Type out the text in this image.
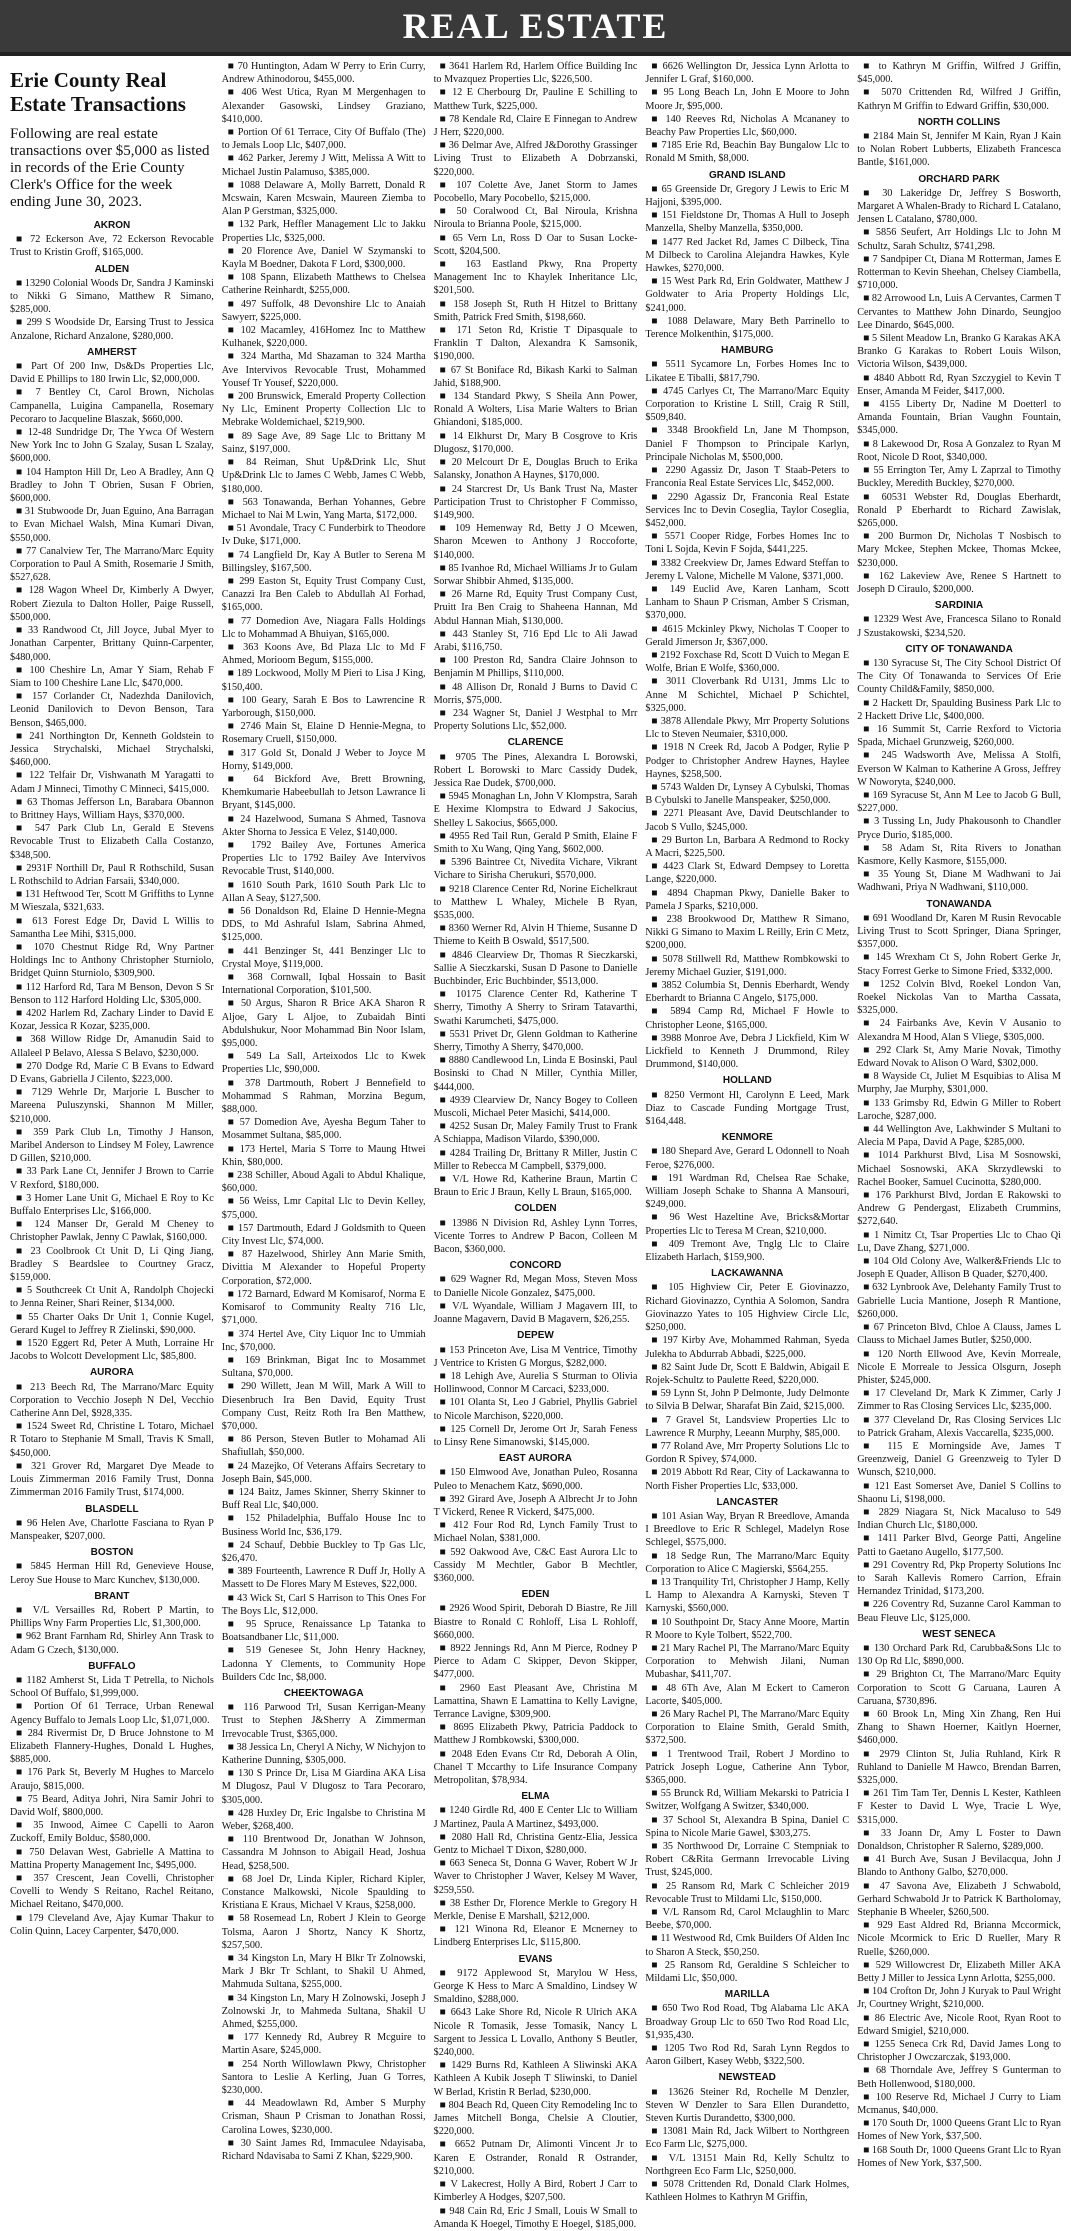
REAL ESTATE
Erie County Real Estate Transactions
Following are real estate transactions over $5,000 as listed in records of the Erie County Clerk's Office for the week ending June 30, 2023.

AKRON

■ 72 Eckerson Ave, 72 Eckerson Revocable Trust to Kristin Groff, $165,000.

ALDEN

■ 13290 Colonial Woods Dr, Sandra J Kaminski to Nikki G Simano, Matthew R Simano, $285,000.

■ 299 S Woodside Dr, Earsing Trust to Jessica Anzalone, Richard Anzalone, $280,000.

AMHERST

■ Part Of 200 Inw, Ds&Ds Properties Llc, David E Phillips to 180 Irwin Llc, $2,000,000.

■ 7 Bentley Ct, Carol Brown, Nicholas Campanella, Luigina Campanella, Rosemary Pecoraro to Jacqueline Blaszak, $660,000.

■ 12-48 Sundridge Dr, The Ywca Of Western New York Inc to John G Szalay, Susan L Szalay, $600,000.

■ 104 Hampton Hill Dr, Leo A Bradley, Ann Q Bradley to John T Obrien, Susan F Obrien, $600,000.

■ 31 Stubwoode Dr, Juan Eguino, Ana Barragan to Evan Michael Walsh, Mina Kumari Divan, $550,000.

■ 77 Canalview Ter, The Marrano/Marc Equity Corporation to Paul A Smith, Rosemarie J Smith, $527,628.

■ 128 Wagon Wheel Dr, Kimberly A Dwyer, Robert Ziezula to Dalton Holler, Paige Russell, $500,000.

■ 33 Randwood Ct, Jill Joyce, Jubal Myer to Jonathan Carpenter, Brittany Quinn-Carpenter, $480,000.

■ 100 Cheshire Ln, Amar Y Siam, Rehab F Siam to 100 Cheshire Lane Llc, $470,000.

■ 157 Corlander Ct, Nadezhda Danilovich, Leonid Danilovich to Devon Benson, Tara Benson, $465,000.

■ 241 Northington Dr, Kenneth Goldstein to Jessica Strychalski, Michael Strychalski, $460,000.

■ 122 Telfair Dr, Vishwanath M Yaragatti to Adam J Minneci, Timothy C Minneci, $415,000.

■ 63 Thomas Jefferson Ln, Barabara Obannon to Brittney Hays, William Hays, $370,000.

■ 547 Park Club Ln, Gerald E Stevens Revocable Trust to Elizabeth Calla Costanzo, $348,500.

■ 2931F Northill Dr, Paul R Rothschild, Susan L Rothschild to Adrian Farsaii, $340,000.

■ 131 Heftwood Ter, Scott M Griffiths to Lynne M Wieszala, $321,633.

■ 613 Forest Edge Dr, David L Willis to Samantha Lee Mihi, $315,000.

■ 1070 Chestnut Ridge Rd, Wny Partner Holdings Inc to Anthony Christopher Sturniolo, Bridget Quinn Sturniolo, $309,900.

■ 112 Harford Rd, Tara M Benson, Devon S Sr Benson to 112 Harford Holding Llc, $305,000.

■ 4202 Harlem Rd, Zachary Linder to David E Kozar, Jessica R Kozar, $235,000.

■ 368 Willow Ridge Dr, Amanudin Said to Allaleel P Belavo, Alessa S Belavo, $230,000.

■ 270 Dodge Rd, Marie C B Evans to Edward D Evans, Gabriella J Cilento, $223,000.

■ 7129 Wehrle Dr, Marjorie L Buscher to Mareena Puluszynski, Shannon M Miller, $210,000.

■ 359 Park Club Ln, Timothy J Hanson, Maribel Anderson to Lindsey M Foley, Lawrence D Gillen, $210,000.

■ 33 Park Lane Ct, Jennifer J Brown to Carrie V Rexford, $180,000.

■ 3 Homer Lane Unit G, Michael E Roy to Kc Buffalo Enterprises Llc, $166,000.

■ 124 Manser Dr, Gerald M Cheney to Christopher Pawlak, Jenny C Pawlak, $160,000.

■ 23 Coolbrook Ct Unit D, Li Qing Jiang, Bradley S Beardslee to Courtney Gracz, $159,000.

■ 5 Southcreek Ct Unit A, Randolph Chojecki to Jenna Reiner, Shari Reiner, $134,000.

■ 55 Charter Oaks Dr Unit 1, Connie Kugel, Gerard Kugel to Jeffrey R Zielinski, $90,000.

■ 1520 Eggert Rd, Peter A Muth, Lorraine Hr Jacobs to Wolcott Development Llc, $85,800.

AURORA

■ 213 Beech Rd, The Marrano/Marc Equity Corporation to Vecchio Joseph N Del, Vecchio Catherine Ann Del, $928,335.

■ 1524 Sweet Rd, Christine L Totaro, Michael R Totaro to Stephanie M Small, Travis K Small, $450,000.

■ 321 Grover Rd, Margaret Dye Meade to Louis Zimmerman 2016 Family Trust, Donna Zimmerman 2016 Family Trust, $174,000.

BLASDELL

■ 96 Helen Ave, Charlotte Fasciana to Ryan P Manspeaker, $207,000.

BOSTON

■ 5845 Herman Hill Rd, Genevieve House, Leroy Sue House to Marc Kunchev, $130,000.

BRANT

■ V/L Versailles Rd, Robert P Martin, to Phillips Wny Farm Properties Llc, $1,300,000.

■ 962 Brant Farnham Rd, Shirley Ann Trask to Adam G Czech, $130,000.

BUFFALO

■ 1182 Amherst St, Lida T Petrella, to Nichols School Of Buffalo, $1,999,000.

■ Portion Of 61 Terrace, Urban Renewal Agency Buffalo to Jemals Loop Llc, $1,071,000.

■ 284 Rivermist Dr, D Bruce Johnstone to M Elizabeth Flannery-Hughes, Donald L Hughes, $885,000.

■ 176 Park St, Beverly M Hughes to Marcelo Araujo, $815,000.

■ 75 Beard, Aditya Johri, Nira Samir Johri to David Wolf, $800,000.

■ 35 Inwood, Aimee C Capelli to Aaron Zuckoff, Emily Bolduc, $580,000.

■ 750 Delavan West, Gabrielle A Mattina to Mattina Property Management Inc, $495,000.

■ 357 Crescent, Jean Covelli, Christopher Covelli to Wendy S Reitano, Rachel Reitano, Michael Reitano, $470,000.

■ 179 Cleveland Ave, Ajay Kumar Thakur to Colin Quinn, Lacey Carpenter, $470,000.

■ 70 Huntington, Adam W Perry to Erin Curry, Andrew Athinodorou, $455,000.

■ 406 West Utica, Ryan M Mergenhagen to Alexander Gasowski, Lindsey Graziano, $410,000.

■ Portion Of 61 Terrace, City Of Buffalo (The) to Jemals Loop Llc, $407,000.

■ 462 Parker, Jeremy J Witt, Melissa A Witt to Michael Justin Palamuso, $385,000.

■ 1088 Delaware A, Molly Barrett, Donald R Mcswain, Karen Mcswain, Maureen Ziemba to Alan P Gerstman, $325,000.

■ 132 Park, Heffler Management Llc to Jakku Properties Llc, $325,000.

■ 20 Florence Ave, Daniel W Szymanski to Kayla M Boedner, Dakota F Lord, $300,000.

■ 108 Spann, Elizabeth Matthews to Chelsea Catherine Reinhardt, $255,000.

■ 497 Suffolk, 48 Devonshire Llc to Anaiah Sawyerr, $225,000.

■ 102 Macamley, 416Homez Inc to Matthew Kulhanek, $220,000.

■ 324 Martha, Md Shazaman to 324 Martha Ave Intervivos Revocable Trust, Mohammed Yousef Tr Yousef, $220,000.

■ 200 Brunswick, Emerald Property Collection Ny Llc, Eminent Property Collection Llc to Mebrake Woldemichael, $219,900.

■ 89 Sage Ave, 89 Sage Llc to Brittany M Sainz, $197,000.

■ 84 Reiman, Shut Up&Drink Llc, Shut Up&Drink Llc to James C Webb, James C Webb, $180,000.

■ 563 Tonawanda, Berhan Yohannes, Gebre Michael to Nai M Lwin, Yang Marta, $172,000.

■ 51 Avondale, Tracy C Funderbirk to Theodore Iv Duke, $171,000.

■ 74 Langfield Dr, Kay A Butler to Serena M Billingsley, $167,500.

■ 299 Easton St, Equity Trust Company Cust, Canazzi Ira Ben Caleb to Abdullah Al Forhad, $165,000.

■ 77 Domedion Ave, Niagara Falls Holdings Llc to Mohammad A Bhuiyan, $165,000.

■ 363 Koons Ave, Bd Plaza Llc to Md F Ahmed, Morioom Begum, $155,000.

■ 189 Lockwood, Molly M Pieri to Lisa J King, $150,400.

■ 100 Geary, Sarah E Bos to Lawrencine R Yarborough, $150,000.

■ 2746 Main St, Elaine D Hennie-Megna, to Rosemary Cruell, $150,000.

■ 317 Gold St, Donald J Weber to Joyce M Horny, $149,000.

■ 64 Bickford Ave, Brett Browning, Khemkumarie Habeebullah to Jetson Lawrance Ii Bryant, $145,000.

■ 24 Hazelwood, Sumana S Ahmed, Tasnova Akter Shorna to Jessica E Velez, $140,000.

■ 1792 Bailey Ave, Fortunes America Properties Llc to 1792 Bailey Ave Intervivos Revocable Trust, $140,000.

■ 1610 South Park, 1610 South Park Llc to Allan A Seay, $127,500.

■ 56 Donaldson Rd, Elaine D Hennie-Megna DDS, to Md Ashraful Islam, Sabrina Ahmed, $125,000.

■ 441 Benzinger St, 441 Benzinger Llc to Crystal Moye, $119,000.

■ 368 Cornwall, Iqbal Hossain to Basit International Corporation, $101,500.

■ 50 Argus, Sharon R Brice AKA Sharon R Aljoe, Gary L Aljoe, to Zubaidah Binti Abdulshukur, Noor Mohammad Bin Noor Islam, $95,000.

■ 549 La Sall, Arteixodos Llc to Kwek Properties Llc, $90,000.

■ 378 Dartmouth, Robert J Bennefield to Mohammad S Rahman, Morzina Begum, $88,000.

■ 57 Domedion Ave, Ayesha Begum Taher to Mosammet Sultana, $85,000.

■ 173 Hertel, Maria S Torre to Maung Htwei Khin, $80,000.

■ 238 Schiller, Aboud Agali to Abdul Khalique, $60,000.

■ 56 Weiss, Lmr Capital Llc to Devin Kelley, $75,000.

■ 157 Dartmouth, Edard J Goldsmith to Queen City Invest Llc, $74,000.

■ 87 Hazelwood, Shirley Ann Marie Smith, Divittia M Alexander to Hopeful Property Corporation, $72,000.

■ 172 Barnard, Edward M Komisarof, Norma E Komisarof to Community Realty 716 Llc, $71,000.

■ 374 Hertel Ave, City Liquor Inc to Ummiah Inc, $70,000.

■ 169 Brinkman, Bigat Inc to Mosammet Sultana, $70,000.

■ 290 Willett, Jean M Will, Mark A Will to Diesenbruch Ira Ben David, Equity Trust Company Cust, Reitz Roth Ira Ben Matthew, $70,000.

■ 86 Person, Steven Butler to Mohamad Ali Shafiullah, $50,000.

■ 24 Mazejko, Of Veterans Affairs Secretary to Joseph Bain, $45,000.

■ 124 Baitz, James Skinner, Sherry Skinner to Buff Real Llc, $40,000.

■ 152 Philadelphia, Buffalo House Inc to Business World Inc, $36,179.

■ 24 Schauf, Debbie Buckley to Tp Gas Llc, $26,470.

■ 389 Fourteenth, Lawrence R Duff Jr, Holly A Massett to De Flores Mary M Esteves, $22,000.

■ 43 Wick St, Carl S Harrison to This Ones For The Boys Llc, $12,000.

■ 95 Spruce, Renaissance Lp Tatanka to Boatsandbaner Llc, $11,000.

■ 519 Genesee St, John Henry Hackney, Ladonna Y Clements, to Community Hope Builders Cdc Inc, $8,000.

CHEEKTOWAGA

■ 116 Parwood Trl, Susan Kerrigan-Meany Trust to Stephen J&Sherry A Zimmerman Irrevocable Trust, $365,000.

■ 38 Jessica Ln, Cheryl A Nichy, W Nichyjon to Katherine Dunning, $305,000.

■ 130 S Prince Dr, Lisa M Giardina AKA Lisa M Dlugosz, Paul V Dlugosz to Tara Pecoraro, $305,000.

■ 428 Huxley Dr, Eric Ingalsbe to Christina M Weber, $268,400.

■ 110 Brentwood Dr, Jonathan W Johnson, Cassandra M Johnson to Abigail Head, Joshua Head, $258,500.

■ 68 Joel Dr, Linda Kipler, Richard Kipler, Constance Malkowski, Nicole Spaulding to Kristiana E Kraus, Michael V Kraus, $258,000.

■ 58 Rosemead Ln, Robert J Klein to George Tolsma, Aaron J Shortz, Nancy K Shortz, $257,500.

■ 34 Kingston Ln, Mary H Blkr Tr Zolnowski, Mark J Bkr Tr Schlant, to Shakil U Ahmed, Mahmuda Sultana, $255,000.

■ 34 Kingston Ln, Mary H Zolnowski, Joseph J Zolnowski Jr, to Mahmeda Sultana, Shakil U Ahmed, $255,000.

■ 177 Kennedy Rd, Aubrey R Mcguire to Martin Asare, $245,000.

■ 254 North Willowlawn Pkwy, Christopher Santora to Leslie A Kerling, Juan G Torres, $230,000.

■ 44 Meadowlawn Rd, Amber S Murphy Crisman, Shaun P Crisman to Jonathan Rossi, Carolina Lowes, $230,000.

■ 30 Saint James Rd, Immaculee Ndayisaba, Richard Ndavisaba to Sami Z Khan, $229,900.

■ 3641 Harlem Rd, Harlem Office Building Inc to Mvazquez Properties Llc, $226,500.

■ 12 E Cherbourg Dr, Pauline E Schilling to Matthew Turk, $225,000.

■ 78 Kendale Rd, Claire E Finnegan to Andrew J Herr, $220,000.

■ 36 Delmar Ave, Alfred J&Dorothy Grassinger Living Trust to Elizabeth A Dobrzanski, $220,000.

■ 107 Colette Ave, Janet Storm to James Pocobello, Mary Pocobello, $215,000.

■ 50 Coralwood Ct, Bal Niroula, Krishna Niroula to Brianna Poole, $215,000.

■ 65 Vern Ln, Ross D Oar to Susan Locke-Scott, $204,500.

■ 163 Eastland Pkwy, Rna Property Management Inc to Khaylek Inheritance Llc, $201,500.

■ 158 Joseph St, Ruth H Hitzel to Brittany Smith, Patrick Fred Smith, $198,660.

■ 171 Seton Rd, Kristie T Dipasquale to Franklin T Dalton, Alexandra K Samsonik, $190,000.

■ 67 St Boniface Rd, Bikash Karki to Salman Jahid, $188,900.

■ 134 Standard Pkwy, S Sheila Ann Power, Ronald A Wolters, Lisa Marie Walters to Brian Ghiandoni, $185,000.

■ 14 Elkhurst Dr, Mary B Cosgrove to Kris Dlugosz, $170,000.

■ 20 Melcourt Dr E, Douglas Bruch to Erika Salansky, Jonathon A Haynes, $170,000.

■ 24 Starcrest Dr, Us Bank Trust Na, Master Participation Trust to Christopher F Commisso, $149,900.

■ 109 Hemenway Rd, Betty J O Mcewen, Sharon Mcewen to Anthony J Roccoforte, $140,000.

■ 85 Ivanhoe Rd, Michael Williams Jr to Gulam Sorwar Shibbir Ahmed, $135,000.

■ 26 Marne Rd, Equity Trust Company Cust, Pruitt Ira Ben Craig to Shaheena Hannan, Md Abdul Hannan Miah, $130,000.

■ 443 Stanley St, 716 Epd Llc to Ali Jawad Arabi, $116,750.

■ 100 Preston Rd, Sandra Claire Johnson to Benjamin M Phillips, $110,000.

■ 48 Allison Dr, Ronald J Burns to David C Morris, $75,000.

■ 234 Wagner St, Daniel J Westphal to Mrr Property Solutions Llc, $52,000.

CLARENCE

■ 9705 The Pines, Alexandra L Borowski, Robert L Borowski to Marc Cassidy Dudek, Jessica Rae Dudek, $700,000.

■ 5945 Monaghan Ln, John V Klompstra, Sarah E Hexime Klompstra to Edward J Sakocius, Shelley L Sakocius, $665,000.

■ 4955 Red Tail Run, Gerald P Smith, Elaine F Smith to Xu Wang, Qing Yang, $602,000.

■ 5396 Baintree Ct, Nivedita Vichare, Vikrant Vichare to Sirisha Cherukuri, $570,000.

■ 9218 Clarence Center Rd, Norine Eichelkraut to Matthew L Whaley, Michele B Ryan, $535,000.

■ 8360 Werner Rd, Alvin H Thieme, Susanne D Thieme to Keith B Oswald, $517,500.

■ 4846 Clearview Dr, Thomas R Sieczkarski, Sallie A Sieczkarski, Susan D Pasone to Danielle Buchbinder, Eric Buchbinder, $513,000.

■ 10175 Clarence Center Rd, Katherine T Sherry, Timothy A Sherry to Sriram Tatavarthi, Swathi Karumcheti, $475,000.

■ 5531 Privet Dr, Glenn Goldman to Katherine Sherry, Timothy A Sherry, $470,000.

■ 8880 Candlewood Ln, Linda E Bosinski, Paul Bosinski to Chad N Miller, Cynthia Miller, $444,000.

■ 4939 Clearview Dr, Nancy Bogey to Colleen Muscoli, Michael Peter Masichi, $414,000.

■ 4252 Susan Dr, Maley Family Trust to Frank A Schiappa, Madison Vilardo, $390,000.

■ 4284 Trailing Dr, Brittany R Miller, Justin C Miller to Rebecca M Campbell, $379,000.

■ V/L Howe Rd, Katherine Braun, Martin C Braun to Eric J Braun, Kelly L Braun, $165,000.

COLDEN

■ 13986 N Division Rd, Ashley Lynn Torres, Vicente Torres to Andrew P Bacon, Colleen M Bacon, $360,000.

CONCORD

■ 629 Wagner Rd, Megan Moss, Steven Moss to Danielle Nicole Gonzalez, $475,000.

■ V/L Wyandale, William J Magavern III, to Joanne Magavern, David B Magavern, $26,255.

DEPEW

■ 153 Princeton Ave, Lisa M Ventrice, Timothy J Ventrice to Kristen G Morgus, $282,000.

■ 18 Lehigh Ave, Aurelia S Sturman to Olivia Hollinwood, Connor M Carcaci, $233,000.

■ 101 Olanta St, Leo J Gabriel, Phyllis Gabriel to Nicole Marchison, $220,000.

■ 125 Cornell Dr, Jerome Ort Jr, Sarah Feness to Linsy Rene Simanowski, $145,000.

EAST AURORA

■ 150 Elmwood Ave, Jonathan Puleo, Rosanna Puleo to Menachem Katz, $690,000.

■ 392 Girard Ave, Joseph A Albrecht Jr to John T Vickerd, Renee R Vickerd, $475,000.

■ 412 Four Rod Rd, Lynch Family Trust to Michael Nolan, $381,000.

■ 592 Oakwood Ave, C&C East Aurora Llc to Cassidy M Mechtler, Gabor B Mechtler, $360,000.

EDEN

■ 2926 Wood Spirit, Deborah D Biastre, Re Jill Biastre to Ronald C Rohloff, Lisa L Rohloff, $660,000.

■ 8922 Jennings Rd, Ann M Pierce, Rodney P Pierce to Adam C Skipper, Devon Skipper, $477,000.

■ 2960 East Pleasant Ave, Christina M Lamattina, Shawn E Lamattina to Kelly Lavigne, Terrance Lavigne, $309,900.

■ 8695 Elizabeth Pkwy, Patricia Paddock to Matthew J Rombkowski, $300,000.

■ 2048 Eden Evans Ctr Rd, Deborah A Olin, Chanel T Mccarthy to Life Insurance Company Metropolitan, $78,934.

ELMA

■ 1240 Girdle Rd, 400 E Center Llc to William J Martinez, Paula A Martinez, $493,000.

■ 2080 Hall Rd, Christina Gentz-Elia, Jessica Gentz to Michael T Dixon, $280,000.

■ 663 Seneca St, Donna G Waver, Robert W Jr Waver to Christopher J Waver, Kelsey M Waver, $259,550.

■ 38 Esther Dr, Florence Merkle to Gregory H Merkle, Denise E Marshall, $212,000.

■ 121 Winona Rd, Eleanor E Mcnerney to Lindberg Enterprises Llc, $115,800.

EVANS

■ 9172 Applewood St, Marylou W Hess, George K Hess to Marc A Smaldino, Lindsey W Smaldino, $288,000.

■ 6643 Lake Shore Rd, Nicole R Ulrich AKA Nicole R Tomasik, Jesse Tomasik, Nancy L Sargent to Jessica L Lovallo, Anthony S Beutler, $240,000.

■ 1429 Burns Rd, Kathleen A Sliwinski AKA Kathleen A Kubik Joseph T Sliwinski, to Daniel W Berlad, Kristin R Berlad, $230,000.

■ 804 Beach Rd, Queen City Remodeling Inc to James Mitchell Bonga, Chelsie A Cloutier, $220,000.

■ 6652 Putnam Dr, Alimonti Vincent Jr to Karen E Ostrander, Ronald R Ostrander, $210,000.

■ V Lakecrest, Holly A Bird, Robert J Carr to Kimberley A Hodges, $207,500.

■ 948 Cain Rd, Eric J Small, Louis W Small to Amanda K Hoegel, Timothy E Hoegel, $185,000.

■ 6626 Wellington Dr, Jessica Lynn Arlotta to Jennifer L Graf, $160,000.

■ 95 Long Beach Ln, John E Moore to John Moore Jr, $95,000.

■ 140 Reeves Rd, Nicholas A Mcananey to Beachy Paw Properties Llc, $60,000.

■ 7185 Erie Rd, Beachin Bay Bungalow Llc to Ronald M Smith, $8,000.

GRAND ISLAND

■ 65 Greenside Dr, Gregory J Lewis to Eric M Hajjoni, $395,000.

■ 151 Fieldstone Dr, Thomas A Hull to Joseph Manzella, Shelby Manzella, $350,000.

■ 1477 Red Jacket Rd, James C Dilbeck, Tina M Dilbeck to Carolina Alejandra Hawkes, Kyle Hawkes, $270,000.

■ 15 West Park Rd, Erin Goldwater, Matthew J Goldwater to Aria Property Holdings Llc, $241,000.

■ 1088 Delaware, Mary Beth Parrinello to Terence Molkenthin, $175,000.

HAMBURG

■ 5511 Sycamore Ln, Forbes Homes Inc to Likatee E Tiballi, $817,790.

■ 4745 Carlyes Ct, The Marrano/Marc Equity Corporation to Kristine L Still, Craig R Still, $509,840.

■ 3348 Brookfield Ln, Jane M Thompson, Daniel F Thompson to Principale Karlyn, Principale Nicholas M, $500,000.

■ 2290 Agassiz Dr, Jason T Staab-Peters to Franconia Real Estate Services Llc, $452,000.

■ 2290 Agassiz Dr, Franconia Real Estate Services Inc to Devin Coseglia, Taylor Coseglia, $452,000.

■ 5571 Cooper Ridge, Forbes Homes Inc to Toni L Sojda, Kevin F Sojda, $441,225.

■ 3382 Creekview Dr, James Edward Steffan to Jeremy L Valone, Michelle M Valone, $371,000.

■ 149 Euclid Ave, Karen Lanham, Scott Lanham to Shaun P Crisman, Amber S Crisman, $370,000.

■ 4615 Mckinley Pkwy, Nicholas T Cooper to Gerald Jimerson Jr, $367,000.

■ 2192 Foxchase Rd, Scott D Vuich to Megan E Wolfe, Brian E Wolfe, $360,000.

■ 3011 Cloverbank Rd U131, Jmms Llc to Anne M Schichtel, Michael P Schichtel, $325,000.

■ 3878 Allendale Pkwy, Mrr Property Solutions Llc to Steven Neumaier, $310,000.

■ 1918 N Creek Rd, Jacob A Podger, Rylie P Podger to Christopher Andrew Haynes, Haylee Haynes, $258,500.

■ 5743 Walden Dr, Lynsey A Cybulski, Thomas B Cybulski to Janelle Manspeaker, $250,000.

■ 2271 Pleasant Ave, David Deutschlander to Jacob S Vullo, $245,000.

■ 29 Burton Ln, Barbara A Redmond to Rocky A Macri, $225,500.

■ 4423 Clark St, Edward Dempsey to Loretta Lange, $220,000.

■ 4894 Chapman Pkwy, Danielle Baker to Pamela J Sparks, $210,000.

■ 238 Brookwood Dr, Matthew R Simano, Nikki G Simano to Maxim L Reilly, Erin C Metz, $200,000.

■ 5078 Stillwell Rd, Matthew Rombkowski to Jeremy Michael Guzier, $191,000.

■ 3852 Columbia St, Dennis Eberhardt, Wendy Eberhardt to Brianna C Angelo, $175,000.

■ 5894 Camp Rd, Michael F Howle to Christopher Leone, $165,000.

■ 3988 Monroe Ave, Debra J Lickfield, Kim W Lickfield to Kenneth J Drummond, Riley Drummond, $140,000.

HOLLAND

■ 8250 Vermont Hl, Carolynn E Leed, Mark Diaz to Cascade Funding Mortgage Trust, $164,448.

KENMORE

■ 180 Shepard Ave, Gerard L Odonnell to Noah Feroe, $276,000.

■ 191 Wardman Rd, Chelsea Rae Schake, William Joseph Schake to Shanna A Mansouri, $249,000.

■ 96 West Hazeltine Ave, Bricks&Mortar Properties Llc to Teresa M Crean, $210,000.

■ 409 Tremont Ave, Tnglg Llc to Claire Elizabeth Harlach, $159,900.

LACKAWANNA

■ 105 Highview Cir, Peter E Giovinazzo, Richard Giovinazzo, Cynthia A Solomon, Sandra Giovinazzo Yates to 105 Highview Circle Llc, $250,000.

■ 197 Kirby Ave, Mohammed Rahman, Syeda Julekha to Abdurrab Abbadi, $225,000.

■ 82 Saint Jude Dr, Scott E Baldwin, Abigail E Rojek-Schultz to Paulette Reed, $220,000.

■ 59 Lynn St, John P Delmonte, Judy Delmonte to Silvia B Delwar, Sharafat Bin Zaid, $215,000.

■ 7 Gravel St, Landsview Properties Llc to Lawrence R Murphy, Leeann Murphy, $85,000.

■ 77 Roland Ave, Mrr Property Solutions Llc to Gordon R Spivey, $74,000.

■ 2019 Abbott Rd Rear, City of Lackawanna to North Fisher Properties Llc, $33,000.

LANCASTER

■ 101 Asian Way, Bryan R Breedlove, Amanda I Breedlove to Eric R Schlegel, Madelyn Rose Schlegel, $575,000.

■ 18 Sedge Run, The Marrano/Marc Equity Corporation to Alice C Magierski, $564,255.

■ 13 Tranquility Trl, Christopher J Hamp, Kelly L Hamp to Alexandra A Karnyski, Steven T Karnyski, $560,000.

■ 10 Southpoint Dr, Stacy Anne Moore, Martin R Moore to Kyle Tolbert, $522,700.

■ 21 Mary Rachel Pl, The Marrano/Marc Equity Corporation to Mehwish Jilani, Numan Mubashar, $411,707.

■ 48 6Th Ave, Alan M Eckert to Cameron Lacorte, $405,000.

■ 26 Mary Rachel Pl, The Marrano/Marc Equity Corporation to Elaine Smith, Gerald Smith, $372,500.

■ 1 Trentwood Trail, Robert J Mordino to Patrick Joseph Logue, Catherine Ann Tybor, $365,000.

■ 55 Brunck Rd, William Mekarski to Patricia I Switzer, Wolfgang A Switzer, $340,000.

■ 37 School St, Alexandra B Spina, Daniel C Spina to Nicole Marie Gawel, $303,275.

■ 35 Northwood Dr, Lorraine C Stempniak to Robert C&Rita Germann Irrevocable Living Trust, $245,000.

■ 25 Ransom Rd, Mark C Schleicher 2019 Revocable Trust to Mildami Llc, $150,000.

■ V/L Ransom Rd, Carol Mclaughlin to Marc Beebe, $70,000.

■ 11 Westwood Rd, Cmk Builders Of Alden Inc to Sharon A Steck, $50,250.

■ 25 Ransom Rd, Geraldine S Schleicher to Mildami Llc, $50,000.

MARILLA

■ 650 Two Rod Road, Tbg Alabama Llc AKA Broadway Group Llc to 650 Two Rod Road Llc, $1,935,430.

■ 1205 Two Rod Rd, Sarah Lynn Regdos to Aaron Gilbert, Kasey Webb, $322,500.

NEWSTEAD

■ 13626 Steiner Rd, Rochelle M Denzler, Steven W Denzler to Sara Ellen Durandetto, Steven Kurtis Durandetto, $300,000.

■ 13081 Main Rd, Jack Wilbert to Northgreen Eco Farm Llc, $275,000.

■ V/L 13151 Main Rd, Kelly Schultz to Northgreen Eco Farm Llc, $250,000.

■ 5078 Crittenden Rd, Donald Clark Holmes, Kathleen Holmes to Kathryn M Griffin,

■ to Kathryn M Griffin, Wilfred J Griffin, $45,000.

■ 5070 Crittenden Rd, Wilfred J Griffin, Kathryn M Griffin to Edward Griffin, $30,000.

NORTH COLLINS

■ 2184 Main St, Jennifer M Kain, Ryan J Kain to Nolan Robert Lubberts, Elizabeth Francesca Bantle, $161,000.

ORCHARD PARK

■ 30 Lakeridge Dr, Jeffrey S Bosworth, Margaret A Whalen-Brady to Richard L Catalano, Jensen L Catalano, $780,000.

■ 5856 Seufert, Arr Holdings Llc to John M Schultz, Sarah Schultz, $741,298.

■ 7 Sandpiper Ct, Diana M Rotterman, James E Rotterman to Kevin Sheehan, Chelsey Ciambella, $710,000.

■ 82 Arrowood Ln, Luis A Cervantes, Carmen T Cervantes to Matthew John Dinardo, Seungjoo Lee Dinardo, $645,000.

■ 5 Silent Meadow Ln, Branko G Karakas AKA Branko G Karakas to Robert Louis Wilson, Victoria Wilson, $439,000.

■ 4840 Abbott Rd, Ryan Szczygiel to Kevin T Enser, Amanda M Feider, $417,000.

■ 4155 Liberty Dr, Nadine M Doetterl to Amanda Fountain, Brian Vaughn Fountain, $345,000.

■ 8 Lakewood Dr, Rosa A Gonzalez to Ryan M Root, Nicole D Root, $340,000.

■ 55 Errington Ter, Amy L Zaprzal to Timothy Buckley, Meredith Buckley, $270,000.

■ 60531 Webster Rd, Douglas Eberhardt, Ronald P Eberhardt to Richard Zawislak, $265,000.

■ 200 Burmon Dr, Nicholas T Nosbisch to Mary Mckee, Stephen Mckee, Thomas Mckee, $230,000.

■ 162 Lakeview Ave, Renee S Hartnett to Joseph D Ciraulo, $200,000.

SARDINIA

■ 12329 West Ave, Francesca Silano to Ronald J Szustakowski, $234,520.

CITY OF TONAWANDA

■ 130 Syracuse St, The City School District Of The City Of Tonawanda to Services Of Erie County Child&Family, $850,000.

■ 2 Hackett Dr, Spaulding Business Park Llc to 2 Hackett Drive Llc, $400,000.

■ 16 Summit St, Carrie Rexford to Victoria Spada, Michael Grunzweig, $260,000.

■ 245 Wadsworth Ave, Melissa A Stolfi, Everson W Kalman to Katherine A Gross, Jeffrey W Noworyta, $240,000.

■ 169 Syracuse St, Ann M Lee to Jacob G Bull, $227,000.

■ 3 Tussing Ln, Judy Phakousonh to Chandler Pryce Durio, $185,000.

■ 58 Adam St, Rita Rivers to Jonathan Kasmore, Kelly Kasmore, $155,000.

■ 35 Young St, Diane M Wadhwani to Jai Wadhwani, Priya N Wadhwani, $110,000.

TONAWANDA

■ 691 Woodland Dr, Karen M Rusin Revocable Living Trust to Scott Springer, Diana Springer, $357,000.

■ 145 Wrexham Ct S, John Robert Gerke Jr, Stacy Forrest Gerke to Simone Fried, $332,000.

■ 1252 Colvin Blvd, Roekel London Van, Roekel Nickolas Van to Martha Cassata, $325,000.

■ 24 Fairbanks Ave, Kevin V Ausanio to Alexandra M Hood, Alan S Vliege, $305,000.

■ 292 Clark St, Amy Marie Novak, Timothy Edward Novak to Alison O Ward, $302,000.

■ 8 Wayside Ct, Juliet M Esquibias to Alisa M Murphy, Jae Murphy, $301,000.

■ 133 Grimsby Rd, Edwin G Miller to Robert Laroche, $287,000.

■ 44 Wellington Ave, Lakhwinder S Multani to Alecia M Papa, David A Page, $285,000.

■ 1014 Parkhurst Blvd, Lisa M Sosnowski, Michael Sosnowski, AKA Skrzydlewski to Rachel Booker, Samuel Cucinotta, $280,000.

■ 176 Parkhurst Blvd, Jordan E Rakowski to Andrew G Pendergast, Elizabeth Crummins, $272,640.

■ 1 Nimitz Ct, Tsar Properties Llc to Chao Qi Lu, Dave Zhang, $271,000.

■ 104 Old Colony Ave, Walker&Friends Llc to Joseph E Quader, Allison B Quader, $270,400.

■ 632 Lynbrook Ave, Delehanty Family Trust to Gabrielle Lucia Mantione, Joseph R Mantione, $260,000.

■ 67 Princeton Blvd, Chloe A Clauss, James L Clauss to Michael James Butler, $250,000.

■ 120 North Ellwood Ave, Kevin Morreale, Nicole E Morreale to Jessica Olsgurn, Joseph Phister, $245,000.

■ 17 Cleveland Dr, Mark K Zimmer, Carly J Zimmer to Ras Closing Services Llc, $235,000.

■ 377 Cleveland Dr, Ras Closing Services Llc to Patrick Graham, Alexis Vaccarella, $235,000.

■ 115 E Morningside Ave, James T Greenzweig, Daniel G Greenzweig to Tyler D Wunsch, $210,000.

■ 121 East Somerset Ave, Daniel S Collins to Shaonu Li, $198,000.

■ 2829 Niagara St, Nick Macaluso to 549 Indian Church Llc, $180,000.

■ 1411 Parker Blvd, George Patti, Angeline Patti to Gaetano Augello, $177,500.

■ 291 Coventry Rd, Pkp Property Solutions Inc to Sarah Kallevis Romero Carrion, Efrain Hernandez Trinidad, $173,200.

■ 226 Coventry Rd, Suzanne Carol Kamman to Beau Fleuve Llc, $125,000.

WEST SENECA

■ 130 Orchard Park Rd, Carubba&Sons Llc to 130 Op Rd Llc, $890,000.

■ 29 Brighton Ct, The Marrano/Marc Equity Corporation to Scott G Caruana, Lauren A Caruana, $730,896.

■ 60 Brook Ln, Ming Xin Zhang, Ren Hui Zhang to Shawn Hoerner, Kaitlyn Hoerner, $460,000.

■ 2979 Clinton St, Julia Ruhland, Kirk R Ruhland to Danielle M Hawco, Brendan Barren, $325,000.

■ 261 Tim Tam Ter, Dennis L Kester, Kathleen F Kester to David L Wye, Tracie L Wye, $315,000.

■ 33 Joann Dr, Amy L Foster to Dawn Donaldson, Christopher R Salerno, $289,000.

■ 41 Burch Ave, Susan J Bevilacqua, John J Blando to Anthony Galbo, $270,000.

■ 47 Savona Ave, Elizabeth J Schwabold, Gerhard Schwabold Jr to Patrick K Bartholomay, Stephanie B Wheeler, $260,500.

■ 929 East Aldred Rd, Brianna Mccormick, Nicole Mcormick to Eric D Rueller, Mary R Ruelle, $260,000.

■ 529 Willowcrest Dr, Elizabeth Miller AKA Betty J Miller to Jessica Lynn Arlotta, $255,000.

■ 104 Crofton Dr, John J Kuryak to Paul Wright Jr, Courtney Wright, $210,000.

■ 86 Electric Ave, Nicole Root, Ryan Root to Edward Smigiel, $210,000.

■ 1255 Seneca Crk Rd, David James Long to Christopher J Owczarczak, $193,000.

■ 68 Thorndale Ave, Jeffrey S Gunterman to Beth Hollenwood, $180,000.

■ 100 Reserve Rd, Michael J Curry to Liam Mcmanus, $40,000.

■ 170 South Dr, 1000 Queens Grant Llc to Ryan Homes of New York, $37,500.

■ 168 South Dr, 1000 Queens Grant Llc to Ryan Homes of New York, $37,500.
